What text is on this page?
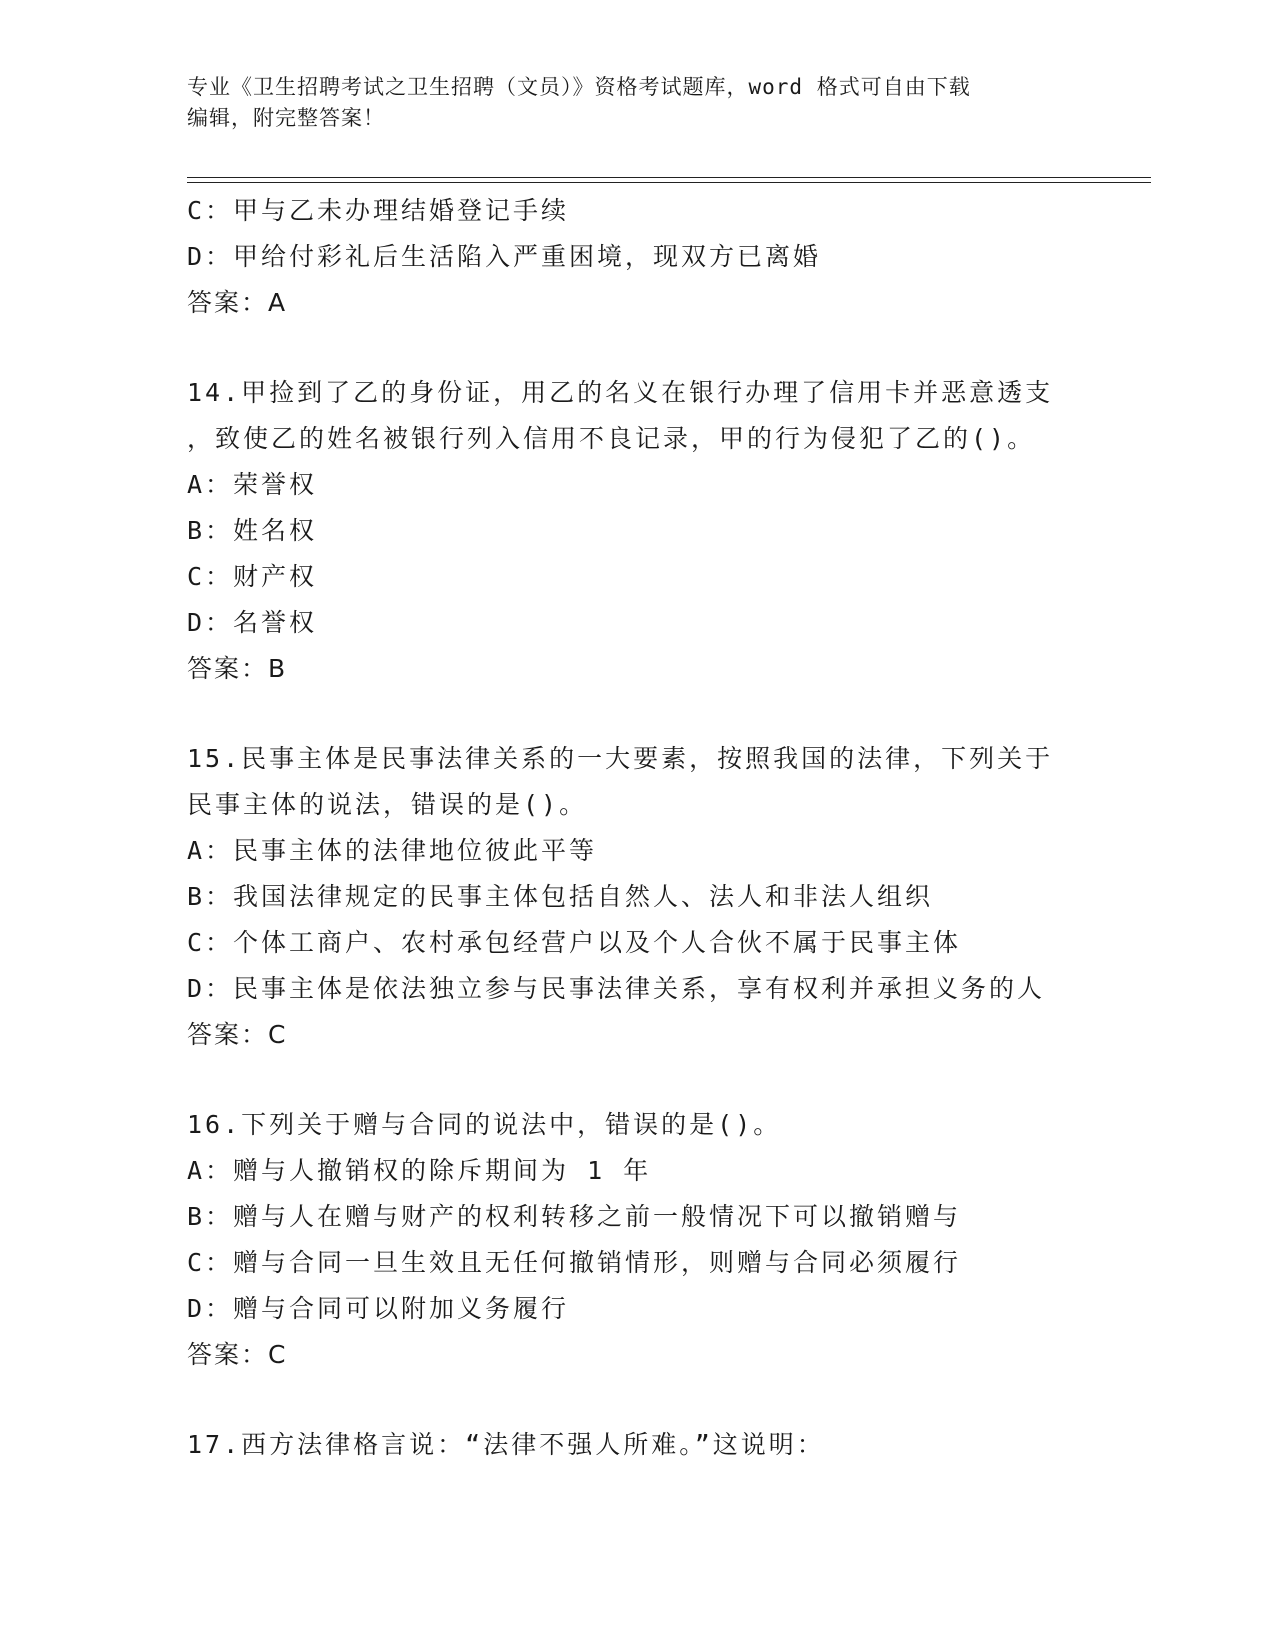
专业《卫生招聘考试之卫生招聘（文员）》资格考试题库，word 格式可自由下载
编辑，附完整答案！
C：甲与乙未办理结婚登记手续
D：甲给付彩礼后生活陷入严重困境，现双方已离婚
答案：A
14.甲捡到了乙的身份证，用乙的名义在银行办理了信用卡并恶意透支
，致使乙的姓名被银行列入信用不良记录，甲的行为侵犯了乙的()。
A：荣誉权
B：姓名权
C：财产权
D：名誉权
答案：B
15.民事主体是民事法律关系的一大要素，按照我国的法律，下列关于
民事主体的说法，错误的是()。
A：民事主体的法律地位彼此平等
B：我国法律规定的民事主体包括自然人、法人和非法人组织
C：个体工商户、农村承包经营户以及个人合伙不属于民事主体
D：民事主体是依法独立参与民事法律关系，享有权利并承担义务的人
答案：C
16.下列关于赠与合同的说法中，错误的是()。
A：赠与人撤销权的除斥期间为 1 年
B：赠与人在赠与财产的权利转移之前一般情况下可以撤销赠与
C：赠与合同一旦生效且无任何撤销情形，则赠与合同必须履行
D：赠与合同可以附加义务履行
答案：C
17.西方法律格言说：“法律不强人所难。”这说明：
